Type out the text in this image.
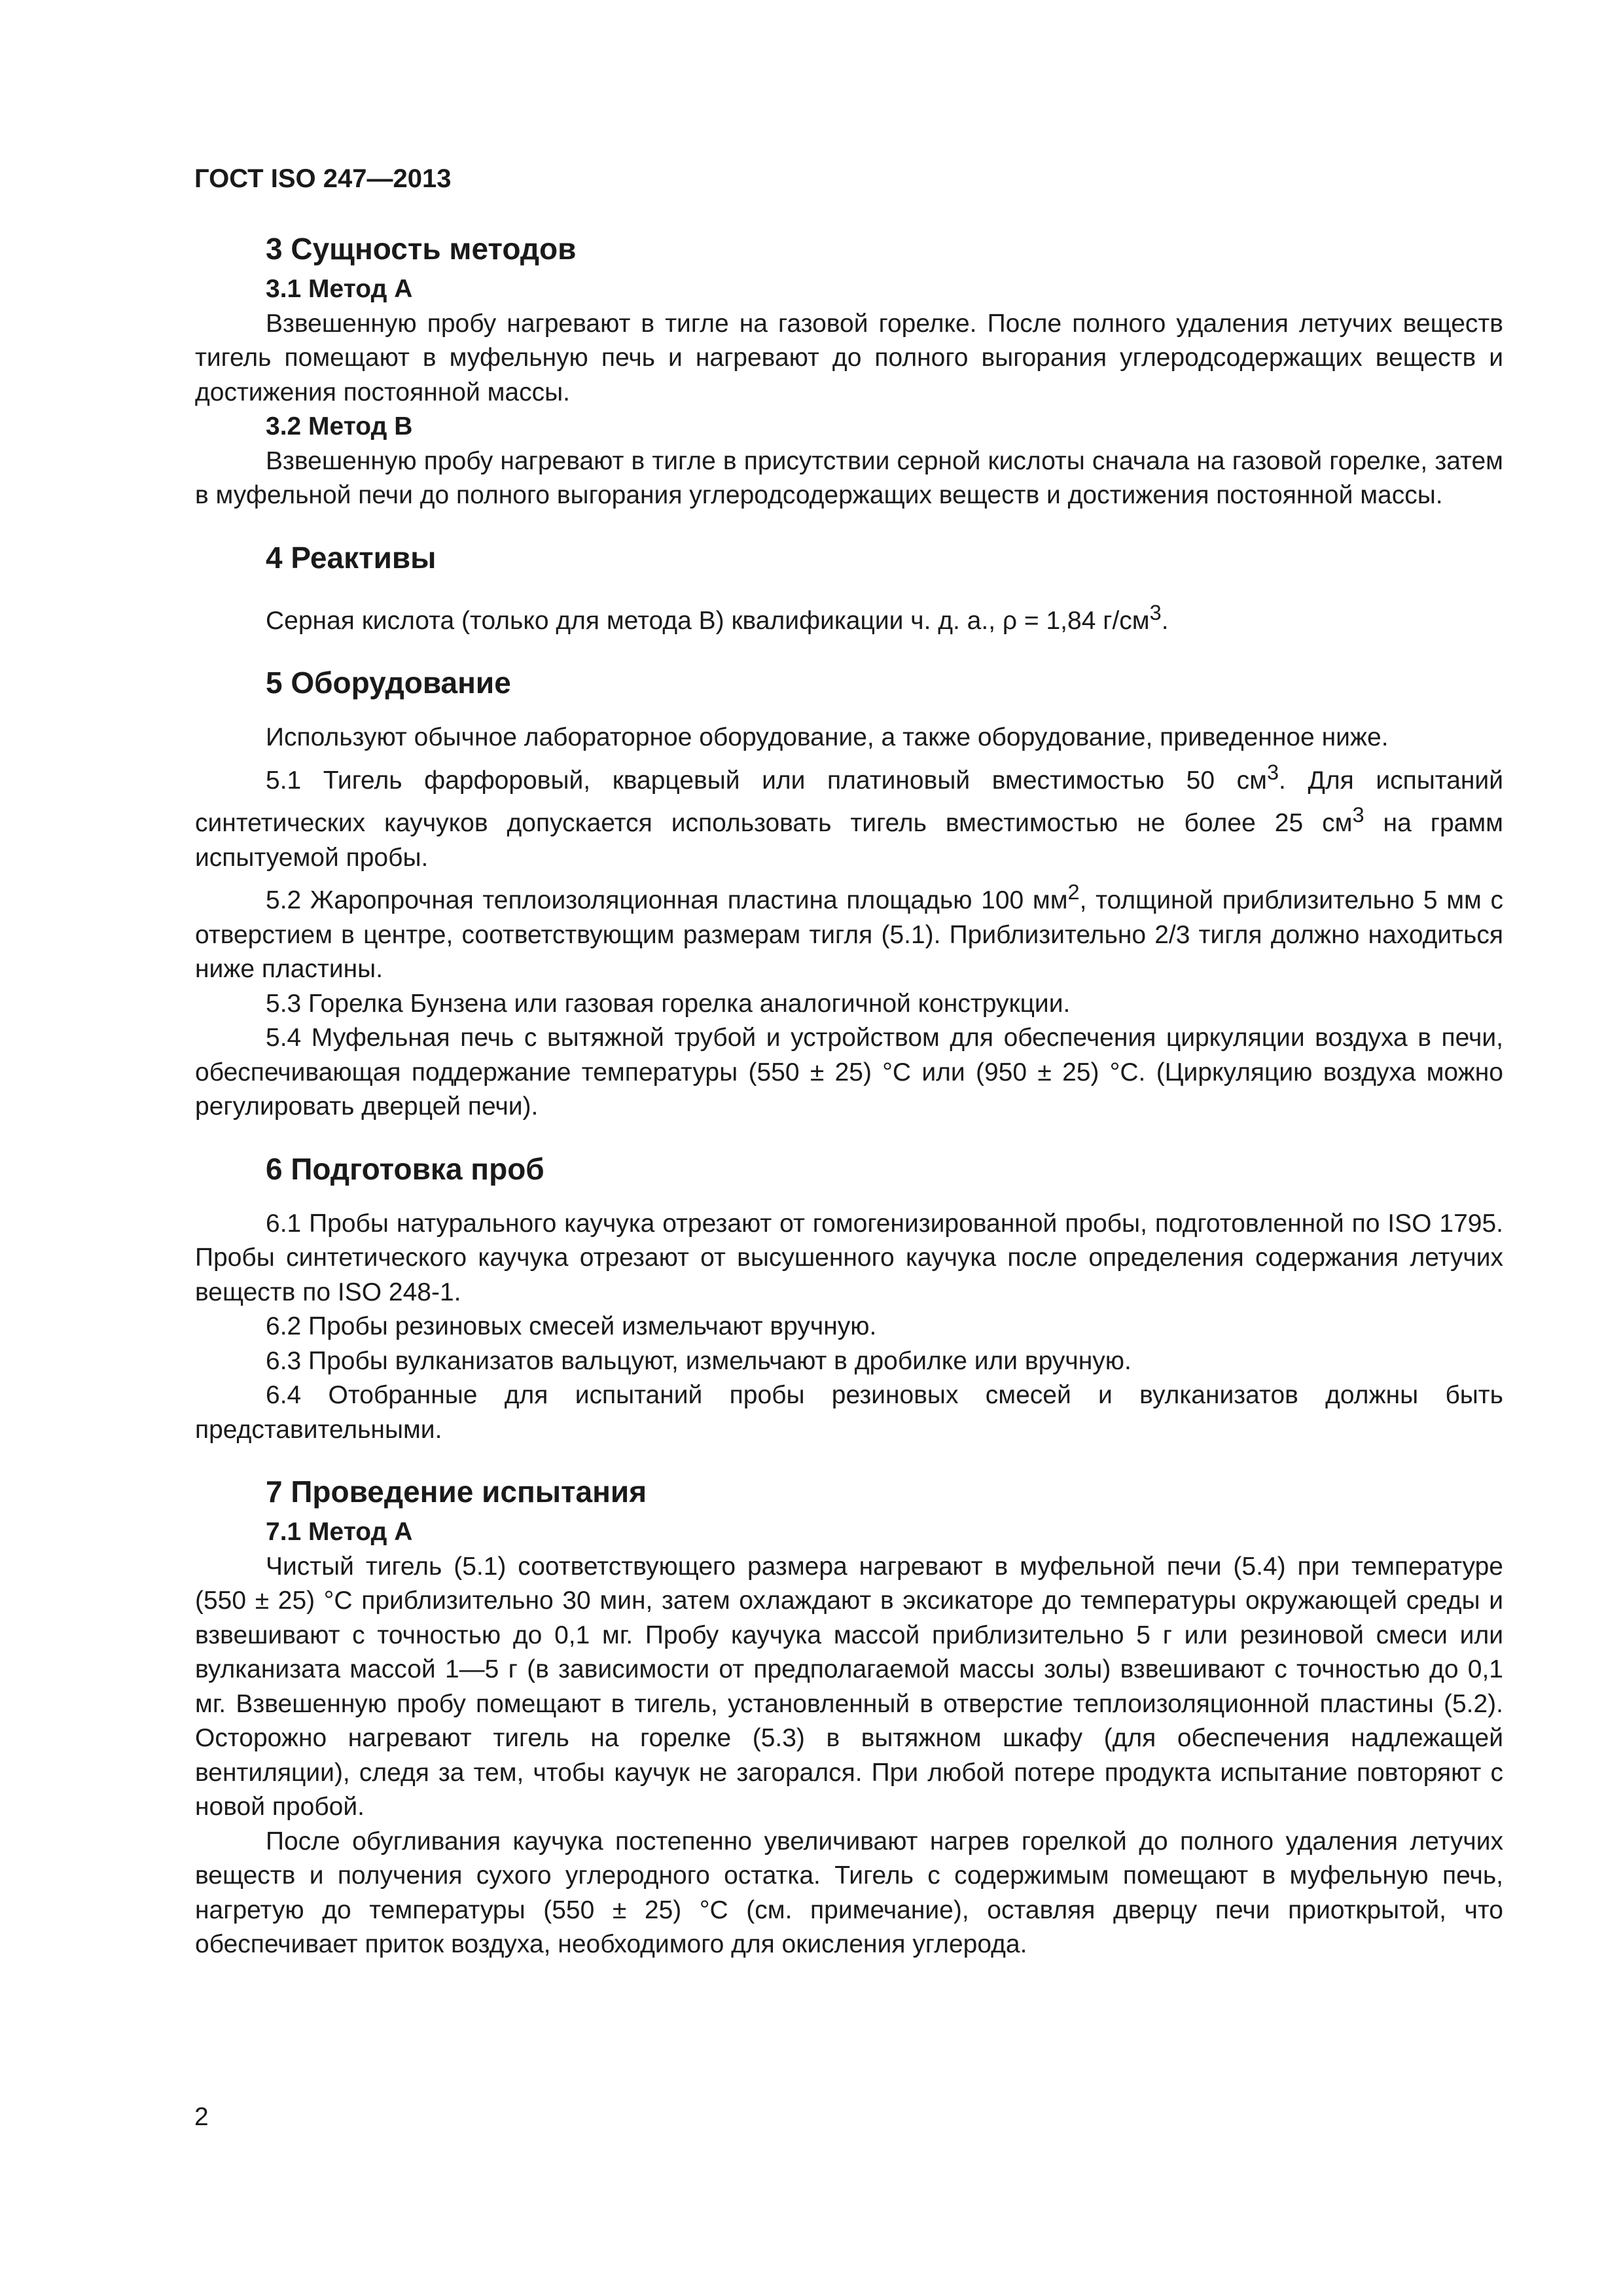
ГОСТ ISO 247—2013
3 Сущность методов
3.1 Метод А

Взвешенную пробу нагревают в тигле на газовой горелке. После полного удаления летучих веществ тигель помещают в муфельную печь и нагревают до полного выгорания углеродсодержащих веществ и достижения постоянной массы.

3.2 Метод В

Взвешенную пробу нагревают в тигле в присутствии серной кислоты сначала на газовой горелке, затем в муфельной печи до полного выгорания углеродсодержащих веществ и достижения постоянной массы.

4 Реактивы

Серная кислота (только для метода В) квалификации ч. д. а., ρ = 1,84 $г/см^3$.

5 Оборудование

Используют обычное лабораторное оборудование, а также оборудование, приведенное ниже.

5.1 Тигель фарфоровый, кварцевый или платиновый вместимостью 50 $см^3$. Для испытаний синтетических каучуков допускается использовать тигель вместимостью не более 25 $см^3$ на грамм испытуемой пробы.

5.2 Жаропрочная теплоизоляционная пластина площадью 100 $мм^2$, толщиной приблизительно 5 мм с отверстием в центре, соответствующим размерам тигля (5.1). Приблизительно 2/3 тигля должно находиться ниже пластины.

5.3 Горелка Бунзена или газовая горелка аналогичной конструкции.

5.4 Муфельная печь с вытяжной трубой и устройством для обеспечения циркуляции воздуха в печи, обеспечивающая поддержание температуры (550 ± 25) °С или (950 ± 25) °С. (Циркуляцию воздуха можно регулировать дверцей печи).

6 Подготовка проб

6.1 Пробы натурального каучука отрезают от гомогенизированной пробы, подготовленной по ISO 1795. Пробы синтетического каучука отрезают от высушенного каучука после определения содержания летучих веществ по ISO 248-1.

6.2 Пробы резиновых смесей измельчают вручную.

6.3 Пробы вулканизатов вальцуют, измельчают в дробилке или вручную.

6.4 Отобранные для испытаний пробы резиновых смесей и вулканизатов должны быть представительными.

7 Проведение испытания
7.1 Метод А

Чистый тигель (5.1) соответствующего размера нагревают в муфельной печи (5.4) при температуре (550 ± 25) °С приблизительно 30 мин, затем охлаждают в эксикаторе до температуры окружающей среды и взвешивают с точностью до 0,1 мг. Пробу каучука массой приблизительно 5 г или резиновой смеси или вулканизата массой 1—5 г (в зависимости от предполагаемой массы золы) взвешивают с точностью до 0,1 мг. Взвешенную пробу помещают в тигель, установленный в отверстие теплоизоляционной пластины (5.2). Осторожно нагревают тигель на горелке (5.3) в вытяжном шкафу (для обеспечения надлежащей вентиляции), следя за тем, чтобы каучук не загорался. При любой потере продукта испытание повторяют с новой пробой.

После обугливания каучука постепенно увеличивают нагрев горелкой до полного удаления летучих веществ и получения сухого углеродного остатка. Тигель с содержимым помещают в муфельную печь, нагретую до температуры (550 ± 25) °С (см. примечание), оставляя дверцу печи приоткрытой, что обеспечивает приток воздуха, необходимого для окисления углерода.

2
